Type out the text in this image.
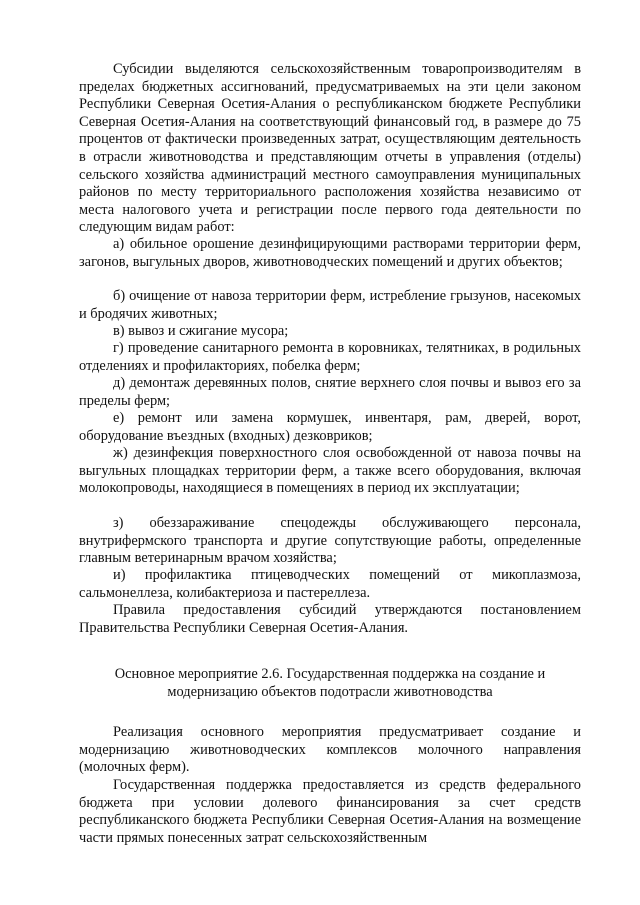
Субсидии выделяются сельскохозяйственным товаропроизводителям в пределах бюджетных ассигнований, предусматриваемых на эти цели законом Республики Северная Осетия-Алания о республиканском бюджете Республики Северная Осетия-Алания на соответствующий финансовый год, в размере до 75 процентов от фактически произведенных затрат, осуществляющим деятельность в отрасли животноводства и представляющим отчеты в управления (отделы) сельского хозяйства администраций местного самоуправления муниципальных районов по месту территориального расположения хозяйства независимо от места налогового учета и регистрации после первого года деятельности по следующим видам работ:

а) обильное орошение дезинфицирующими растворами территории ферм, загонов, выгульных дворов, животноводческих помещений и других объектов;

б) очищение от навоза территории ферм, истребление грызунов, насекомых и бродячих животных;

в) вывоз и сжигание мусора;

г) проведение санитарного ремонта в коровниках, телятниках, в родильных отделениях и профилакториях, побелка ферм;

д) демонтаж деревянных полов, снятие верхнего слоя почвы и вывоз его за пределы ферм;

е) ремонт или замена кормушек, инвентаря, рам, дверей, ворот, оборудование въездных (входных) дезковриков;

ж) дезинфекция поверхностного слоя освобожденной от навоза почвы на выгульных площадках территории ферм, а также всего оборудования, включая молокопроводы, находящиеся в помещениях в период их эксплуатации;

з) обеззараживание спецодежды обслуживающего персонала, внутрифермского транспорта и другие сопутствующие работы, определенные главным ветеринарным врачом хозяйства;

и) профилактика птицеводческих помещений от микоплазмоза, сальмонеллеза, колибактериоза и пастереллеза.

Правила предоставления субсидий утверждаются постановлением Правительства Республики Северная Осетия-Алания.

Основное мероприятие 2.6. Государственная поддержка на создание и
модернизацию объектов подотрасли животноводства

Реализация основного мероприятия предусматривает создание и модернизацию животноводческих комплексов молочного направления (молочных ферм).

Государственная поддержка предоставляется из средств федерального бюджета при условии долевого финансирования за счет средств республиканского бюджета Республики Северная Осетия-Алания на возмещение части прямых понесенных затрат сельскохозяйственным
